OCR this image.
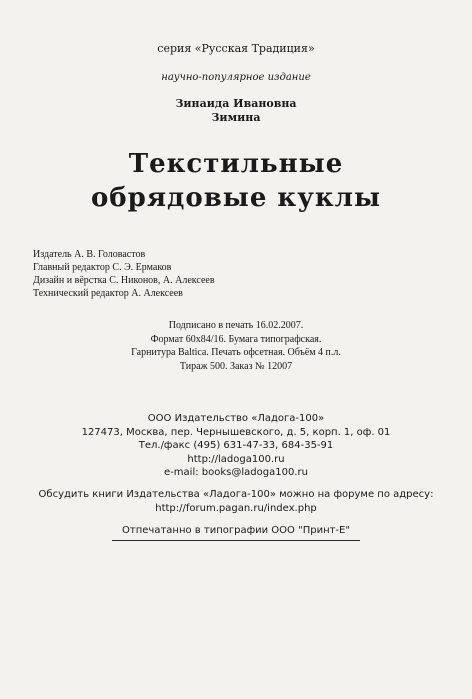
серия «Русская Традиция»
научно-популярное издание
Зинаида Ивановна
Зимина
Текстильные
обрядовые куклы
Издатель А. В. Головастов
Главный редактор С. Э. Ермаков
Дизайн и вёрстка С. Никонов, А. Алексеев
Технический редактор А. Алексеев
Подписано в печать 16.02.2007.
Формат 60х84/16. Бумага типографская.
Гарнитура Baltica. Печать офсетная. Объём 4 п.л.
Тираж 500. Заказ № 12007
ООО Издательство «Ладога-100»
127473, Москва, пер. Чернышевского, д. 5, корп. 1, оф. 01
Тел./факс (495) 631-47-33, 684-35-91
http://ladoga100.ru
e-mail: books@ladoga100.ru
Обсудить книги Издательства «Ладога-100» можно на форуме по адресу:
http://forum.pagan.ru/index.php
Отпечатанно в типографии ООО "Принт-Е"
